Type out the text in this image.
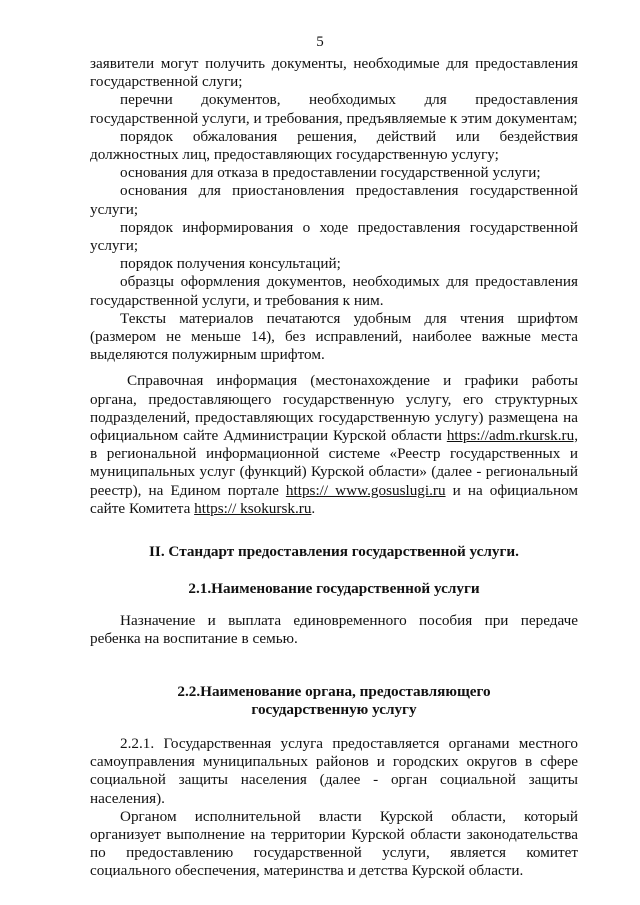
5

заявители могут получить документы, необходимые для предоставления государственной слуги;

перечни документов, необходимых для предоставления государственной услуги, и требования, предъявляемые к этим документам;

порядок обжалования решения, действий или бездействия должностных лиц, предоставляющих государственную услугу;

основания для отказа в предоставлении государственной услуги;

основания для приостановления предоставления государственной услуги;

порядок информирования о ходе предоставления государственной услуги;

порядок получения консультаций;

образцы оформления документов, необходимых для предоставления государственной услуги, и требования к ним.

Тексты материалов печатаются удобным для чтения шрифтом (размером не меньше 14), без исправлений, наиболее важные места выделяются полужирным шрифтом.

Справочная информация (местонахождение и графики работы органа, предоставляющего государственную услугу, его структурных подразделений, предоставляющих государственную услугу) размещена на официальном сайте Администрации Курской области https://adm.rkursk.ru, в региональной информационной системе «Реестр государственных и муниципальных услуг (функций) Курской области» (далее - региональный реестр), на Едином портале https:// www.gosuslugi.ru и на официальном сайте Комитета https:// ksokursk.ru.

II. Стандарт предоставления государственной услуги.
2.1.Наименование государственной услуги

Назначение и выплата единовременного пособия при передаче ребенка на воспитание в семью.

2.2.Наименование органа, предоставляющего
государственную услугу

2.2.1. Государственная услуга предоставляется органами местного самоуправления муниципальных районов и городских округов в сфере социальной защиты населения (далее - орган социальной защиты населения).

Органом исполнительной власти Курской области, который организует выполнение на территории Курской области законодательства по предоставлению государственной услуги, является комитет социального обеспечения, материнства и детства Курской области.
